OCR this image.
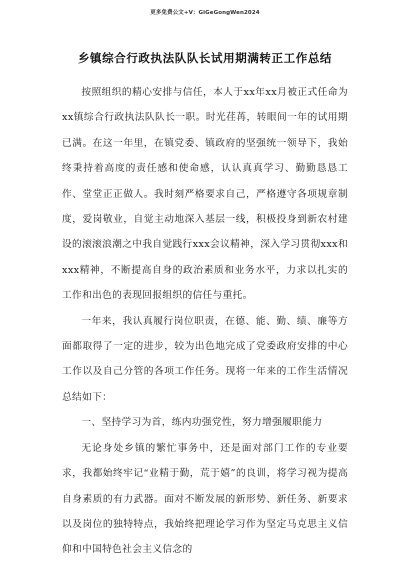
更多免费公文+V：GiGeGongWen2024
乡镇综合行政执法队队长试用期满转正工作总结

按照组织的精心安排与信任，本人于xx年xx月被正式任命为xx镇综合行政执法队队长一职。时光荏苒，转眼间一年的试用期已满。在这一年里，在镇党委、镇政府的坚强统一领导下，我始终秉持着高度的责任感和使命感，认认真真学习、勤勤恳恳工作、堂堂正正做人。我时刻严格要求自己，严格遵守各项规章制度，爱岗敬业，自觉主动地深入基层一线，积极投身到新农村建设的滚滚浪潮之中我自觉践行xxx会议精神，深入学习贯彻xxx和xxx精神，不断提高自身的政治素质和业务水平，力求以扎实的工作和出色的表现回报组织的信任与重托。

一年来，我认真履行岗位职责，在德、能、勤、绩、廉等方面都取得了一定的进步，较为出色地完成了党委政府安排的中心工作以及自己分管的各项工作任务。现将一年来的工作生活情况总结如下：

一、坚持学习为首，练内功强党性，努力增强履职能力

无论身处乡镇的繁忙事务中，还是面对部门工作的专业要求，我都始终牢记“业精于勤，荒于嬉”的良训，将学习视为提高自身素质的有力武器。面对不断发展的新形势、新任务、新要求以及岗位的独特特点，我始终把理论学习作为坚定马克思主义信仰和中国特色社会主义信念的
